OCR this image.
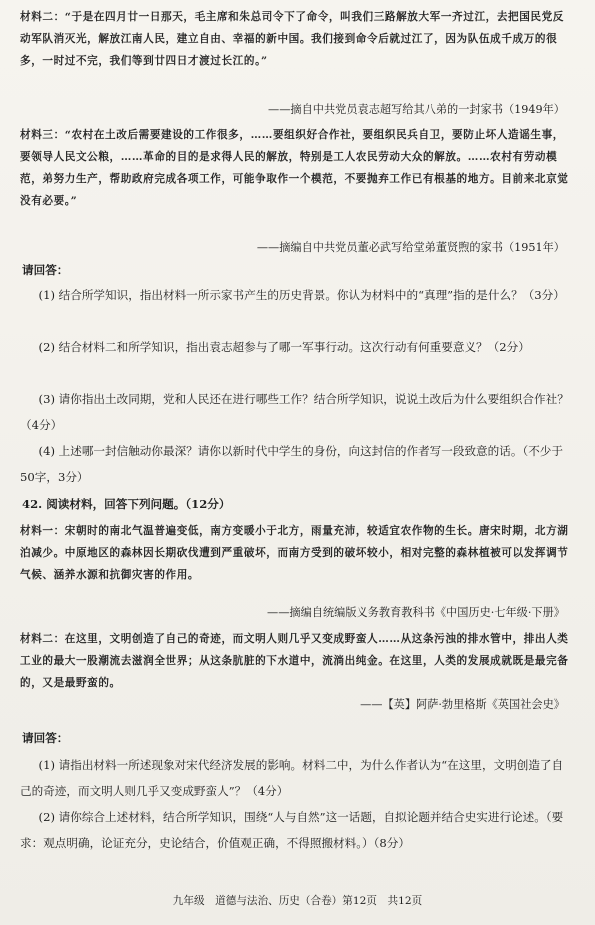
材料二：“于是在四月廿一日那天，毛主席和朱总司令下了命令，叫我们三路解放大军一齐过江，去把国民党反动军队消灭光，解放江南人民，建立自由、幸福的新中国。我们接到命令后就过江了，因为队伍成千成万的很多，一时过不完，我们等到廿四日才渡过长江的。”
——摘自中共党员袁志超写给其八弟的一封家书（1949年）
材料三：“农村在土改后需要建设的工作很多，……要组织好合作社，要组织民兵自卫，要防止坏人造谣生事，要领导人民文公粮，……革命的目的是求得人民的解放，特别是工人农民劳动大众的解放。……农村有劳动模范，弟努力生产，帮助政府完成各项工作，可能争取作一个模范，不要抛弃工作已有根基的地方。目前来北京觉没有必要。”
——摘编自中共党员董必武写给堂弟董贤煦的家书（1951年）
请回答：
(1) 结合所学知识，指出材料一所示家书产生的历史背景。你认为材料中的“真理”指的是什么？（3分）
(2) 结合材料二和所学知识，指出袁志超参与了哪一军事行动。这次行动有何重要意义？（2分）
(3) 请你指出土改同期，党和人民还在进行哪些工作？结合所学知识，说说土改后为什么要组织合作社？（4分）
(4) 上述哪一封信触动你最深？请你以新时代中学生的身份，向这封信的作者写一段致意的话。（不少于50字，3分）
42. 阅读材料，回答下列问题。（12分）
材料一：宋朝时的南北气温普遍变低，南方变暖小于北方，雨量充沛，较适宜农作物的生长。唐宋时期，北方湖泊减少。中原地区的森林因长期砍伐遭到严重破坏，而南方受到的破坏较小，相对完整的森林植被可以发挥调节气候、涵养水源和抗御灾害的作用。
——摘编自统编版义务教育教科书《中国历史·七年级·下册》
材料二：在这里，文明创造了自己的奇迹，而文明人则几乎又变成野蛮人……从这条污浊的排水管中，排出人类工业的最大一股潮流去滋润全世界；从这条肮脏的下水道中，流淌出纯金。在这里，人类的发展成就既是最完备的，又是最野蛮的。
——【英】阿萨·勃里格斯《英国社会史》
请回答：
(1) 请指出材料一所述现象对宋代经济发展的影响。材料二中，为什么作者认为“在这里，文明创造了自己的奇迹，而文明人则几乎又变成野蛮人”？（4分）
(2) 请你综合上述材料，结合所学知识，围绕“人与自然”这一话题，自拟论题并结合史实进行论述。（要求：观点明确，论证充分，史论结合，价值观正确，不得照搬材料。）（8分）
九年级　道德与法治、历史（合卷）第12页　共12页
